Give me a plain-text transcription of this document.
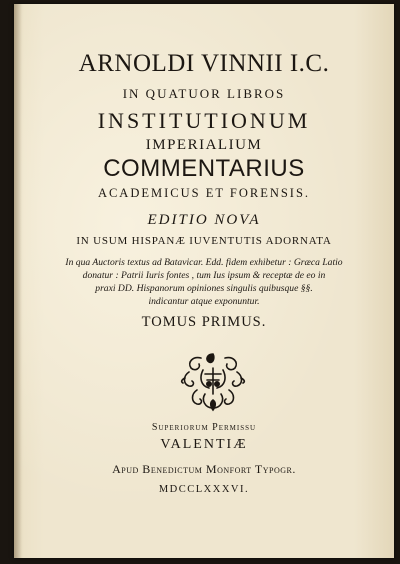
ARNOLDI VINNII I.C.
IN QUATUOR LIBROS
INSTITUTIONUM
IMPERIALIUM
COMMENTARIUS
ACADEMICUS ET FORENSIS.
EDITIO NOVA
IN USUM HISPANÆ IUVENTUTIS ADORNATA
In qua Auctoris textus ad Batavicar. Edd. fidem exhibetur : Græca Latio
donatur : Patrii Iuris fontes , tum Ius ipsum & receptæ de eo in
praxi DD. Hispanorum opiniones singulis quibusque §§.
indicantur atque exponuntur.
TOMUS PRIMUS.
Superiorum Permissu
VALENTIÆ
Apud Benedictum Monfort Typogr.
MDCCLXXXVI.
